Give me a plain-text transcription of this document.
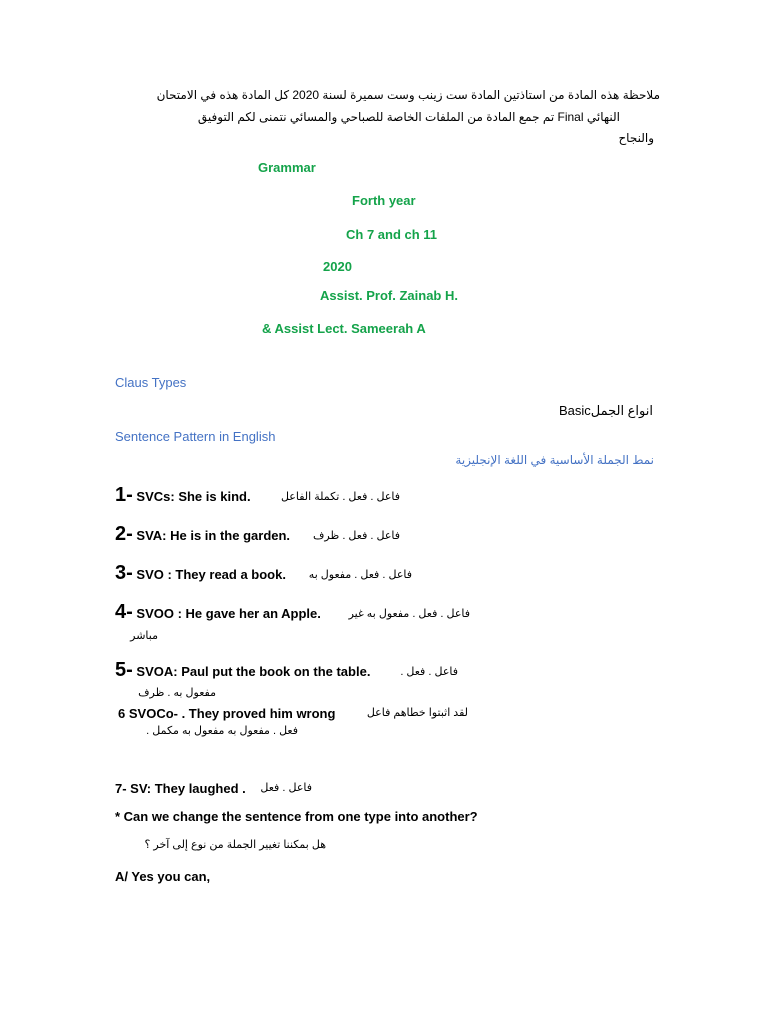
ملاحظة هذه المادة من استاذتين المادة ست زينب وست سميرة لسنة 2020 كل المادة هذه في الامتحان
النهائي Final تم جمع المادة من الملفات الخاصة للصباحي والمسائي نتمنى لكم التوفيق
والنجاح
Grammar
Forth year
Ch 7 and ch 11
2020
Assist. Prof. Zainab H.
& Assist Lect. Sameerah A
Claus Types
Basicانواع الجمل
Sentence Pattern in English
نمط الجملة الأساسية في اللغة الإنجليزية
1- SVCs: She is kind.	فاعل . فعل . تكملة الفاعل
2- SVA: He is in the garden.	فاعل . فعل . ظرف
3- SVO : They read a book.	فاعل . فعل . مفعول به
4- SVOO : He gave her an Apple.	فاعل . فعل . مفعول به غير
مباشر
5- SVOA: Paul put the book on the table.	فاعل . فعل .
مفعول به . ظرف
6 SVOCo- . They proved him wrong	لقد اثبتوا خطاهم فاعل
فعل . مفعول به مفعول به مكمل .
7- SV: They laughed .	فاعل . فعل
* Can we change the sentence from one type into another?
هل بمكننا تغيير الجملة من نوع إلى آخر ؟
A/ Yes you can,
